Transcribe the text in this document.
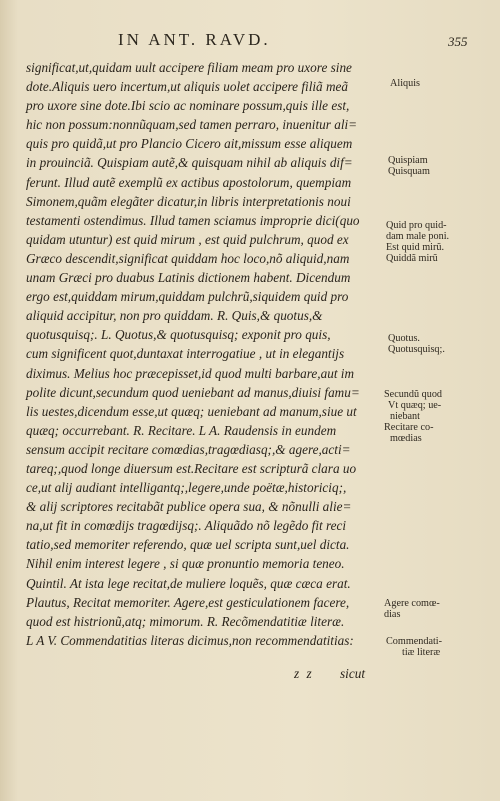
IN ANT. RAVD.	355
significat,ut,quidam uult accipere filiam meam pro uxore sine
dote.Aliquis uero incertum,ut aliquis uolet accipere filiã meã
pro uxore sine dote.Ibi scio ac nominare possum,quis ille est,
hic non possum:nonnũquam,sed tamen perraro, inuenitur ali=
quis pro quidã,ut pro Plancio Cicero ait,missum esse aliquem
in prouinciã. Quispiam autẽ,& quisquam nihil ab aliquis dif=
ferunt. Illud autẽ exemplũ ex actibus apostolorum, quempiam
Simonem,quãm elegãter dicatur,in libris interpretationis noui
testamenti ostendimus. Illud tamen sciamus improprie dici(quo
quidam utuntur) est quid mirum , est quid pulchrum, quod ex
Græco descendit,significat quiddam hoc loco,nõ aliquid,nam
unam Græci pro duabus Latinis dictionem habent. Dicendum
ergo est,quiddam mirum,quiddam pulchrũ,siquidem quid pro
aliquid accipitur, non pro quiddam. R. Quis,& quotus,&
quotusquisq;. L. Quotus,& quotusquisq; exponit pro quis,
cum significent quot,duntaxat interrogatiue , ut in elegantijs
diximus. Melius hoc præcepisset,id quod multi barbare,aut im
polite dicunt,secundum quod ueniebant ad manus,diuisi famu=
lis uestes,dicendum esse,ut quæq; ueniebant ad manum,siue ut
quæq; occurrebant. R. Recitare. L A. Raudensis in eundem
sensum accipit recitare comœdias,tragœdiasq;,& agere,acti=
tareq;,quod longe diuersum est.Recitare est scripturã clara uo
ce,ut alij audiant intelligantq;,legere,unde poëtæ,historiciq;,
& alij scriptores recitabãt publice opera sua, & nõnulli alie=
na,ut fit in comœdijs tragœdijsq;. Aliquãdo nõ legẽdo fit reci
tatio,sed memoriter referendo, quæ uel scripta sunt,uel dicta.
Nihil enim interest legere , si quæ pronuntio memoria teneo.
Quintil. At ista lege recitat,de muliere loquẽs, quæ cæca erat.
Plautus, Recitat memoriter. Agere,est gesticulationem facere,
quod est histrionũ,atq; mimorum. R. Recõmendatitiæ literæ.
L A V. Commendatitias literas dicimus,non recommendatitias:
Aliquis
Quispiam
Quisquam
Quid pro quid-
dam male poni.
Est quid mirũ.
Quiddã mirũ
Quotus.
Quotusquisq;.
Secundũ quod
Vt quæq; ue-
niebant
Recitare co-
mœdias
Agere comœ-
dias
Commendati-
tiæ literæ
z z sicut
